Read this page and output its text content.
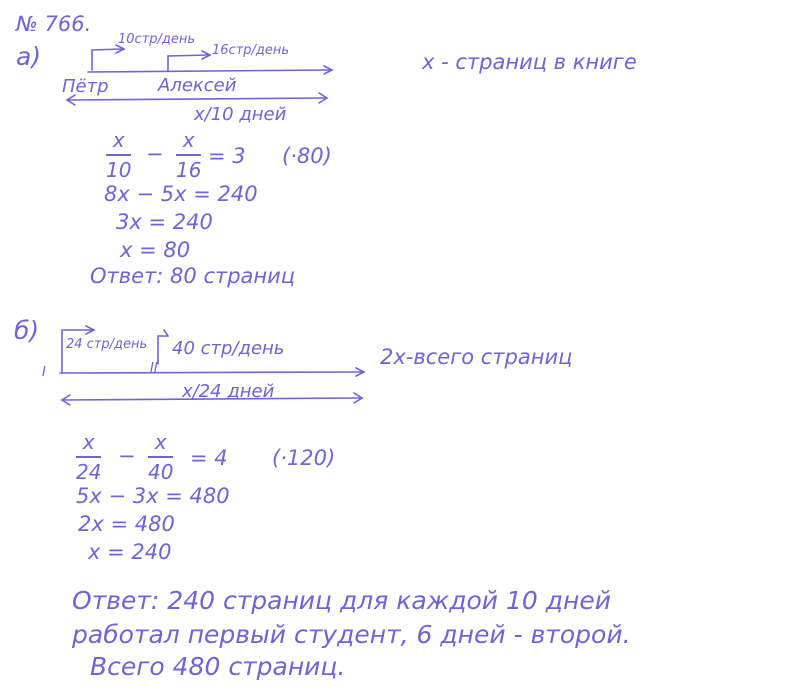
№ 766.
а)
10стр/день
16стр/день
Пётр	Алексей
x/10 дней
x - страниц в книге
x
10
−
x
16
= 3 (·80)
8x − 5x = 240
3x = 240
x = 80
Ответ: 80 страниц
б)
I	II
24 стр/день 40 стр/день	2x-всего страниц
x/24 дней
x
24
−
x
40
= 4 (·120)
5x − 3x = 480
2x = 480
x = 240
Ответ: 240 страниц для каждой 10 дней
работал первый студент, 6 дней - второй.
Всего 480 страниц.
